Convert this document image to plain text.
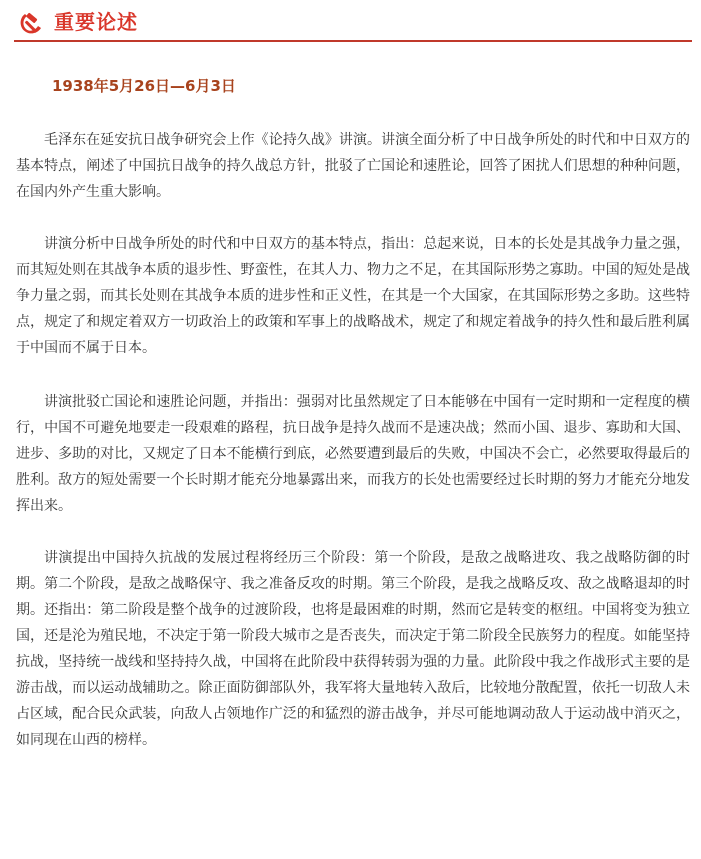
重要论述
1938年5月26日—6月3日

毛泽东在延安抗日战争研究会上作《论持久战》讲演。讲演全面分析了中日战争所处的时代和中日双方的基本特点，阐述了中国抗日战争的持久战总方针，批驳了亡国论和速胜论，回答了困扰人们思想的种种问题，在国内外产生重大影响。

讲演分析中日战争所处的时代和中日双方的基本特点，指出：总起来说，日本的长处是其战争力量之强，而其短处则在其战争本质的退步性、野蛮性，在其人力、物力之不足，在其国际形势之寡助。中国的短处是战争力量之弱，而其长处则在其战争本质的进步性和正义性，在其是一个大国家，在其国际形势之多助。这些特点，规定了和规定着双方一切政治上的政策和军事上的战略战术，规定了和规定着战争的持久性和最后胜利属于中国而不属于日本。

讲演批驳亡国论和速胜论问题，并指出：强弱对比虽然规定了日本能够在中国有一定时期和一定程度的横行，中国不可避免地要走一段艰难的路程，抗日战争是持久战而不是速决战；然而小国、退步、寡助和大国、进步、多助的对比，又规定了日本不能横行到底，必然要遭到最后的失败，中国决不会亡，必然要取得最后的胜利。敌方的短处需要一个长时期才能充分地暴露出来，而我方的长处也需要经过长时期的努力才能充分地发挥出来。

讲演提出中国持久抗战的发展过程将经历三个阶段：第一个阶段，是敌之战略进攻、我之战略防御的时期。第二个阶段，是敌之战略保守、我之准备反攻的时期。第三个阶段，是我之战略反攻、敌之战略退却的时期。还指出：第二阶段是整个战争的过渡阶段，也将是最困难的时期，然而它是转变的枢纽。中国将变为独立国，还是沦为殖民地，不决定于第一阶段大城市之是否丧失，而决定于第二阶段全民族努力的程度。如能坚持抗战，坚持统一战线和坚持持久战，中国将在此阶段中获得转弱为强的力量。此阶段中我之作战形式主要的是游击战，而以运动战辅助之。除正面防御部队外，我军将大量地转入敌后，比较地分散配置，依托一切敌人未占区域，配合民众武装，向敌人占领地作广泛的和猛烈的游击战争，并尽可能地调动敌人于运动战中消灭之，如同现在山西的榜样。
